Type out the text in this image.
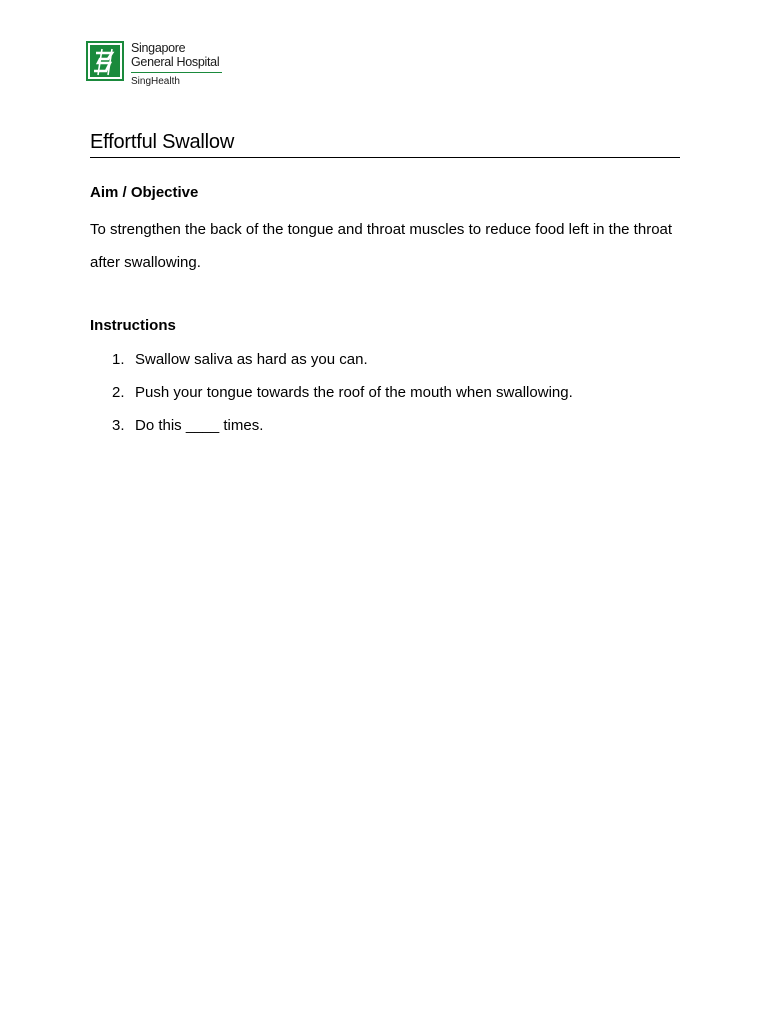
Singapore
General Hospital
SingHealth
Effortful Swallow
Aim / Objective

To strengthen the back of the tongue and throat muscles to reduce food left in the throat after swallowing.

Instructions
1. Swallow saliva as hard as you can.
2. Push your tongue towards the roof of the mouth when swallowing.
3. Do this ____ times.
